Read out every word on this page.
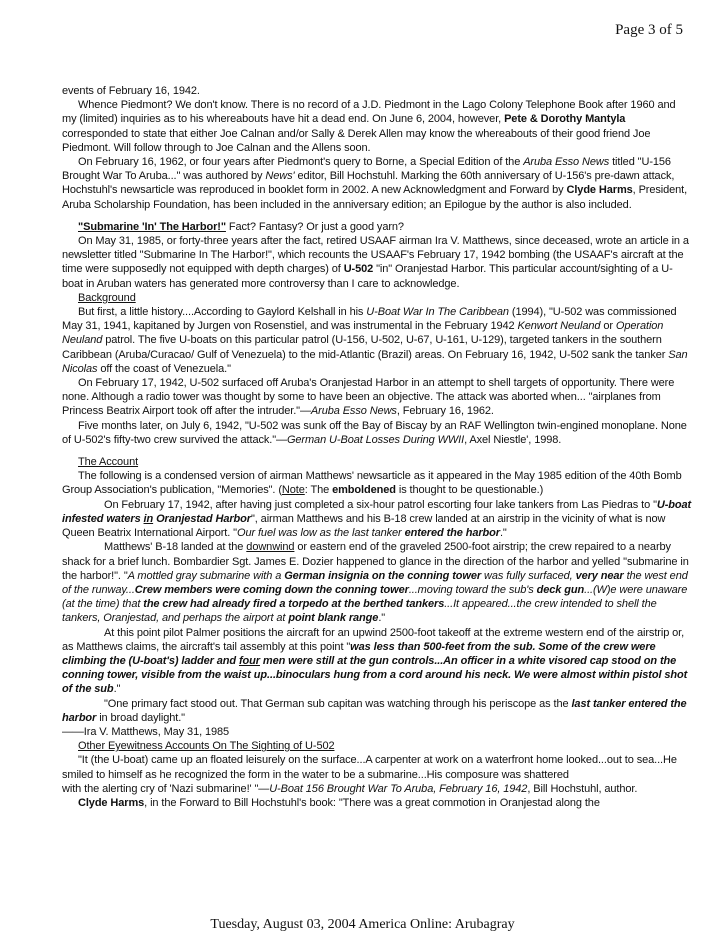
Page 3 of 5

events of February 16, 1942.

Whence Piedmont? We don't know. There is no record of a J.D. Piedmont in the Lago Colony Telephone Book after 1960 and my (limited) inquiries as to his whereabouts have hit a dead end. On June 6, 2004, however, Pete & Dorothy Mantyla corresponded to state that either Joe Calnan and/or Sally & Derek Allen may know the whereabouts of their good friend Joe Piedmont. Will follow through to Joe Calnan and the Allens soon.

On February 16, 1962, or four years after Piedmont's query to Borne, a Special Edition of the Aruba Esso News titled "U-156 Brought War To Aruba..." was authored by News' editor, Bill Hochstuhl. Marking the 60th anniversary of U-156's pre-dawn attack, Hochstuhl's newsarticle was reproduced in booklet form in 2002. A new Acknowledgment and Forward by Clyde Harms, President, Aruba Scholarship Foundation, has been included in the anniversary edition; an Epilogue by the author is also included.

"Submarine 'In' The Harbor!" Fact? Fantasy? Or just a good yarn?

On May 31, 1985, or forty-three years after the fact, retired USAAF airman Ira V. Matthews, since deceased, wrote an article in a newsletter titled "Submarine In The Harbor!", which recounts the USAAF's February 17, 1942 bombing (the USAAF's aircraft at the time were supposedly not equipped with depth charges) of U-502 "in" Oranjestad Harbor. This particular account/sighting of a U-boat in Aruban waters has generated more controversy than I care to acknowledge.

Background

But first, a little history....According to Gaylord Kelshall in his U-Boat War In The Caribbean (1994), "U-502 was commissioned May 31, 1941, kapitaned by Jurgen von Rosenstiel, and was instrumental in the February 1942 Kenwort Neuland or Operation Neuland patrol. The five U-boats on this particular patrol (U-156, U-502, U-67, U-161, U-129), targeted tankers in the southern Caribbean (Aruba/Curacao/ Gulf of Venezuela) to the mid-Atlantic (Brazil) areas. On February 16, 1942, U-502 sank the tanker San Nicolas off the coast of Venezuela."

On February 17, 1942, U-502 surfaced off Aruba's Oranjestad Harbor in an attempt to shell targets of opportunity. There were none. Although a radio tower was thought by some to have been an objective. The attack was aborted when... "airplanes from Princess Beatrix Airport took off after the intruder."—Aruba Esso News, February 16, 1962.

Five months later, on July 6, 1942, "U-502 was sunk off the Bay of Biscay by an RAF Wellington twin-engined monoplane. None of U-502's fifty-two crew survived the attack."—German U-Boat Losses During WWII, Axel Niestle', 1998.

The Account

The following is a condensed version of airman Matthews' newsarticle as it appeared in the May 1985 edition of the 40th Bomb Group Association's publication, "Memories". (Note: The emboldened is thought to be questionable.)

On February 17, 1942, after having just completed a six-hour patrol escorting four lake tankers from Las Piedras to "U-boat infested waters in Oranjestad Harbor", airman Matthews and his B-18 crew landed at an airstrip in the vicinity of what is now Queen Beatrix International Airport. "Our fuel was low as the last tanker entered the harbor."

Matthews' B-18 landed at the downwind or eastern end of the graveled 2500-foot airstrip; the crew repaired to a nearby shack for a brief lunch. Bombardier Sgt. James E. Dozier happened to glance in the direction of the harbor and yelled "submarine in the harbor!". "A mottled gray submarine with a German insignia on the conning tower was fully surfaced, very near the west end of the runway...Crew members were coming down the conning tower...moving toward the sub's deck gun...(W)e were unaware (at the time) that the crew had already fired a torpedo at the berthed tankers...It appeared...the crew intended to shell the tankers, Oranjestad, and perhaps the airport at point blank range."

At this point pilot Palmer positions the aircraft for an upwind 2500-foot takeoff at the extreme western end of the airstrip or, as Matthews claims, the aircraft's tail assembly at this point "was less than 500-feet from the sub. Some of the crew were climbing the (U-boat's) ladder and four men were still at the gun controls...An officer in a white visored cap stood on the conning tower, visible from the waist up...binoculars hung from a cord around his neck. We were almost within pistol shot of the sub."

"One primary fact stood out. That German sub capitan was watching through his periscope as the last tanker entered the harbor in broad daylight."

——Ira V. Matthews, May 31, 1985

Other Eyewitness Accounts On The Sighting of U-502

"It (the U-boat) came up an floated leisurely on the surface...A carpenter at work on a waterfront home looked...out to sea...He smiled to himself as he recognized the form in the water to be a submarine...His composure was shattered

with the alerting cry of 'Nazi submarine!' "—U-Boat 156 Brought War To Aruba, February 16, 1942, Bill Hochstuhl, author.

Clyde Harms, in the Forward to Bill Hochstuhl's book: "There was a great commotion in Oranjestad along the

Tuesday, August 03, 2004 America Online: Arubagray
